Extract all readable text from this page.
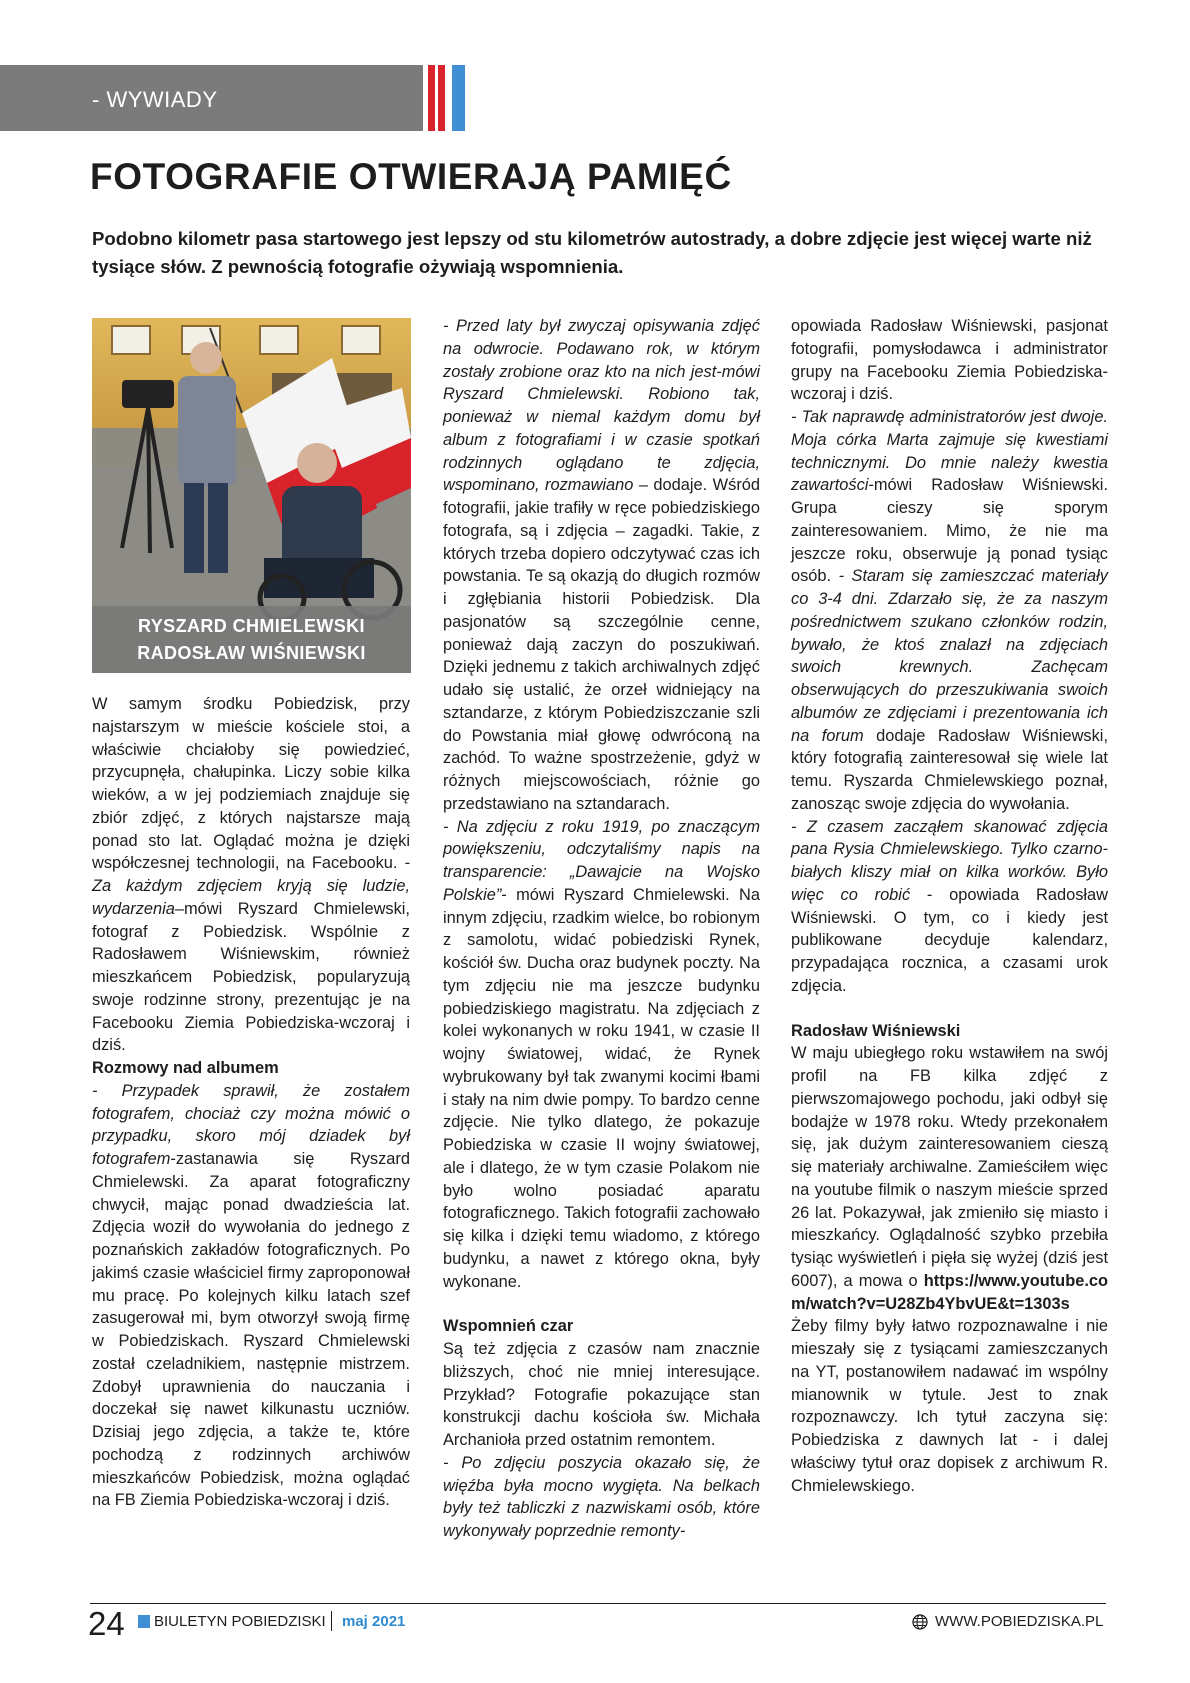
- WYWIADY
FOTOGRAFIE OTWIERAJĄ PAMIĘĆ

Podobno kilometr pasa startowego jest lepszy od stu kilometrów autostrady, a dobre zdjęcie jest więcej warte niż tysiące słów. Z pewnością fotografie ożywiają wspomnienia.

RYSZARD CHMIELEWSKI
RADOSŁAW WIŚNIEWSKI

W samym środku Pobiedzisk, przy najstarszym w mieście kościele stoi, a właściwie chciałoby się powiedzieć, przycupnęła, chałupinka. Liczy sobie kilka wieków, a w jej podziemiach znajduje się zbiór zdjęć, z których najstarsze mają ponad sto lat. Oglądać można je dzięki współczesnej technologii, na Facebooku. - Za każdym zdjęciem kryją się ludzie, wydarzenia–mówi Ryszard Chmielewski, fotograf z Pobiedzisk. Wspólnie z Radosławem Wiśniewskim, również mieszkańcem Pobiedzisk, popularyzują swoje rodzinne strony, prezentując je na Facebooku Ziemia Pobiedziska-wczoraj i dziś.

Rozmowy nad albumem

- Przypadek sprawił, że zostałem fotografem, chociaż czy można mówić o przypadku, skoro mój dziadek był fotografem-zastanawia się Ryszard Chmielewski. Za aparat fotograficzny chwycił, mając ponad dwadzieścia lat. Zdjęcia woził do wywołania do jednego z poznańskich zakładów fotograficznych. Po jakimś czasie właściciel firmy zaproponował mu pracę. Po kolejnych kilku latach szef zasugerował mi, bym otworzył swoją firmę w Pobiedziskach. Ryszard Chmielewski został czeladnikiem, następnie mistrzem. Zdobył uprawnienia do nauczania i doczekał się nawet kilkunastu uczniów. Dzisiaj jego zdjęcia, a także te, które pochodzą z rodzinnych archiwów mieszkańców Pobiedzisk, można oglądać na FB Ziemia Pobiedziska-wczoraj i dziś.

- Przed laty był zwyczaj opisywania zdjęć na odwrocie. Podawano rok, w którym zostały zrobione oraz kto na nich jest-mówi Ryszard Chmielewski. Robiono tak, ponieważ w niemal każdym domu był album z fotografiami i w czasie spotkań rodzinnych oglądano te zdjęcia, wspominano, rozmawiano – dodaje. Wśród fotografii, jakie trafiły w ręce pobiedziskiego fotografa, są i zdjęcia – zagadki. Takie, z których trzeba dopiero odczytywać czas ich powstania. Te są okazją do długich rozmów i zgłębiania historii Pobiedzisk. Dla pasjonatów są szczególnie cenne, ponieważ dają zaczyn do poszukiwań. Dzięki jednemu z takich archiwalnych zdjęć udało się ustalić, że orzeł widniejący na sztandarze, z którym Pobiedziszczanie szli do Powstania miał głowę odwróconą na zachód. To ważne spostrzeżenie, gdyż w różnych miejscowościach, różnie go przedstawiano na sztandarach.

- Na zdjęciu z roku 1919, po znaczącym powiększeniu, odczytaliśmy napis na transparencie: „Dawajcie na Wojsko Polskie”- mówi Ryszard Chmielewski. Na innym zdjęciu, rzadkim wielce, bo robionym z samolotu, widać pobiedziski Rynek, kościół św. Ducha oraz budynek poczty. Na tym zdjęciu nie ma jeszcze budynku pobiedziskiego magistratu. Na zdjęciach z kolei wykonanych w roku 1941, w czasie II wojny światowej, widać, że Rynek wybrukowany był tak zwanymi kocimi łbami i stały na nim dwie pompy. To bardzo cenne zdjęcie. Nie tylko dlatego, że pokazuje Pobiedziska w czasie II wojny światowej, ale i dlatego, że w tym czasie Polakom nie było wolno posiadać aparatu fotograficznego. Takich fotografii zachowało się kilka i dzięki temu wiadomo, z którego budynku, a nawet z którego okna, były wykonane.

Wspomnień czar

Są też zdjęcia z czasów nam znacznie bliższych, choć nie mniej interesujące. Przykład? Fotografie pokazujące stan konstrukcji dachu kościoła św. Michała Archanioła przed ostatnim remontem.

- Po zdjęciu poszycia okazało się, że więźba była mocno wygięta. Na belkach były też tabliczki z nazwiskami osób, które wykonywały poprzednie remonty-

opowiada Radosław Wiśniewski, pasjonat fotografii, pomysłodawca i administrator grupy na Facebooku Ziemia Pobiedziska-wczoraj i dziś.

- Tak naprawdę administratorów jest dwoje. Moja córka Marta zajmuje się kwestiami technicznymi. Do mnie należy kwestia zawartości-mówi Radosław Wiśniewski. Grupa cieszy się sporym zainteresowaniem. Mimo, że nie ma jeszcze roku, obserwuje ją ponad tysiąc osób. - Staram się zamieszczać materiały co 3-4 dni. Zdarzało się, że za naszym pośrednictwem szukano członków rodzin, bywało, że ktoś znalazł na zdjęciach swoich krewnych. Zachęcam obserwujących do przeszukiwania swoich albumów ze zdjęciami i prezentowania ich na forum dodaje Radosław Wiśniewski, który fotografią zainteresował się wiele lat temu. Ryszarda Chmielewskiego poznał, zanosząc swoje zdjęcia do wywołania.

- Z czasem zacząłem skanować zdjęcia pana Rysia Chmielewskiego. Tylko czarno-białych kliszy miał on kilka worków. Było więc co robić - opowiada Radosław Wiśniewski. O tym, co i kiedy jest publikowane decyduje kalendarz, przypadająca rocznica, a czasami urok zdjęcia.

Radosław Wiśniewski

W maju ubiegłego roku wstawiłem na swój profil na FB kilka zdjęć z pierwszomajowego pochodu, jaki odbył się bodajże w 1978 roku. Wtedy przekonałem się, jak dużym zainteresowaniem cieszą się materiały archiwalne. Zamieściłem więc na youtube filmik o naszym mieście sprzed 26 lat. Pokazywał, jak zmieniło się miasto i mieszkańcy. Oglądalność szybko przebiła tysiąc wyświetleń i pięła się wyżej (dziś jest 6007), a mowa o https://www.youtube.com/watch?v=U28Zb4YbvUE&t=1303s

Żeby filmy były łatwo rozpoznawalne i nie mieszały się z tysiącami zamieszczanych na YT, postanowiłem nadawać im wspólny mianownik w tytule. Jest to znak rozpoznawczy. Ich tytuł zaczyna się: Pobiedziska z dawnych lat - i dalej właściwy tytuł oraz dopisek z archiwum R. Chmielewskiego.

24 BIULETYN POBIEDZISKI maj 2021	WWW.POBIEDZISKA.PL
